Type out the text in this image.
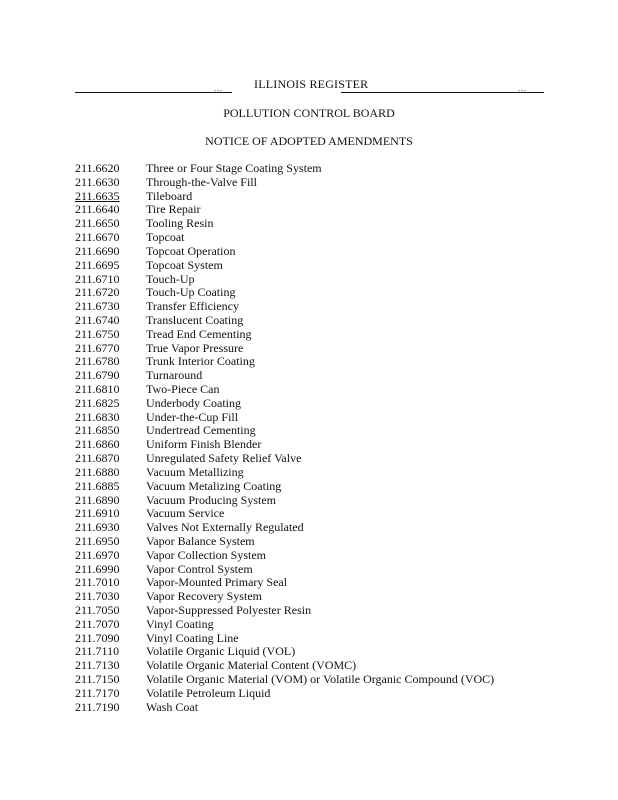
...	ILLINOIS REGISTER	...
POLLUTION CONTROL BOARD
NOTICE OF ADOPTED AMENDMENTS
211.6620	Three or Four Stage Coating System
211.6630	Through-the-Valve Fill
211.6635	Tileboard
211.6640	Tire Repair
211.6650	Tooling Resin
211.6670	Topcoat
211.6690	Topcoat Operation
211.6695	Topcoat System
211.6710	Touch-Up
211.6720	Touch-Up Coating
211.6730	Transfer Efficiency
211.6740	Translucent Coating
211.6750	Tread End Cementing
211.6770	True Vapor Pressure
211.6780	Trunk Interior Coating
211.6790	Turnaround
211.6810	Two-Piece Can
211.6825	Underbody Coating
211.6830	Under-the-Cup Fill
211.6850	Undertread Cementing
211.6860	Uniform Finish Blender
211.6870	Unregulated Safety Relief Valve
211.6880	Vacuum Metallizing
211.6885	Vacuum Metalizing Coating
211.6890	Vacuum Producing System
211.6910	Vacuum Service
211.6930	Valves Not Externally Regulated
211.6950	Vapor Balance System
211.6970	Vapor Collection System
211.6990	Vapor Control System
211.7010	Vapor-Mounted Primary Seal
211.7030	Vapor Recovery System
211.7050	Vapor-Suppressed Polyester Resin
211.7070	Vinyl Coating
211.7090	Vinyl Coating Line
211.7110	Volatile Organic Liquid (VOL)
211.7130	Volatile Organic Material Content (VOMC)
211.7150	Volatile Organic Material (VOM) or Volatile Organic Compound (VOC)
211.7170	Volatile Petroleum Liquid
211.7190	Wash Coat
